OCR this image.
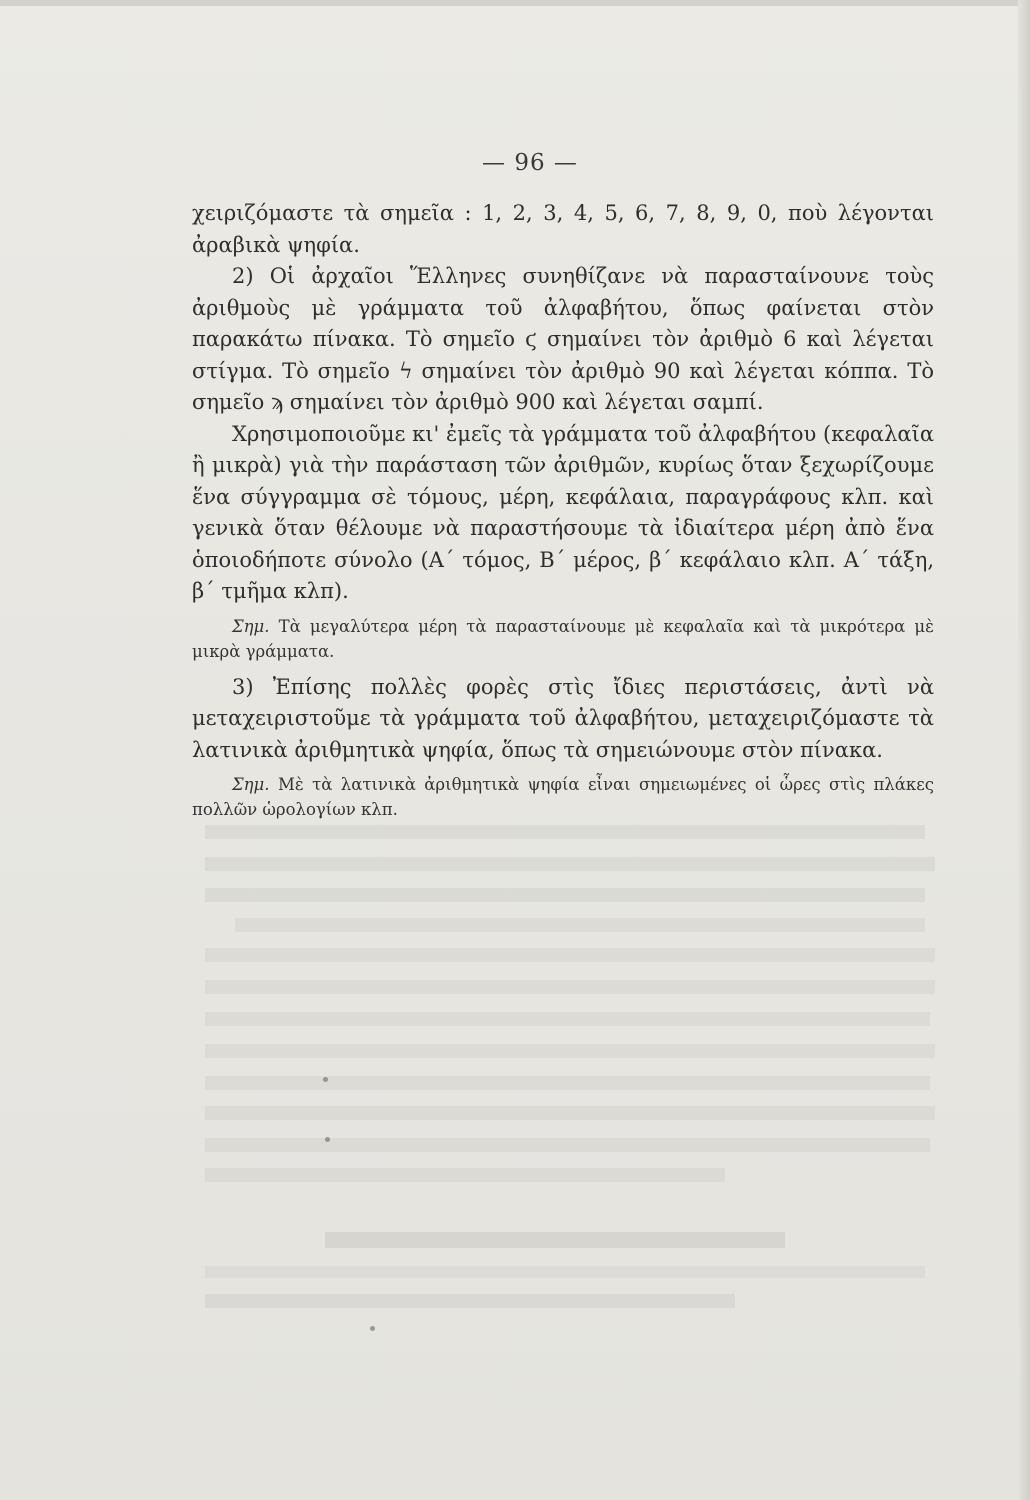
— 96 —

χειριζόμαστε τὰ σημεῖα : 1, 2, 3, 4, 5, 6, 7, 8, 9, 0, ποὺ λέγονται ἀραβικὰ ψηφία.

2) Οἱ ἀρχαῖοι Ἕλληνες συνηθίζανε νὰ παρασταίνουνε τοὺς ἀριθμοὺς μὲ γράμματα τοῦ ἀλφαβήτου, ὅπως φαίνεται στὸν παρακάτω πίνακα. Τὸ σημεῖο ϛ σημαίνει τὸν ἀριθμὸ 6 καὶ λέγεται στίγμα. Τὸ σημεῖο ϟ σημαίνει τὸν ἀριθμὸ 90 καὶ λέγεται κόππα. Τὸ σημεῖο ϡ σημαίνει τὸν ἀριθμὸ 900 καὶ λέγεται σαμπί.

Χρησιμοποιοῦμε κι' ἐμεῖς τὰ γράμματα τοῦ ἀλφαβήτου (κεφαλαῖα ἢ μικρὰ) γιὰ τὴν παράσταση τῶν ἀριθμῶν, κυρίως ὅταν ξεχωρίζουμε ἕνα σύγγραμμα σὲ τόμους, μέρη, κεφάλαια, παραγράφους κλπ. καὶ γενικὰ ὅταν θέλουμε νὰ παραστήσουμε τὰ ἰδιαίτερα μέρη ἀπὸ ἕνα ὁποιοδήποτε σύνολο (Α΄ τόμος, Β΄ μέρος, β΄ κεφάλαιο κλπ. Α΄ τάξη, β΄ τμῆμα κλπ).

Σημ. Τὰ μεγαλύτερα μέρη τὰ παρασταίνουμε μὲ κεφαλαῖα καὶ τὰ μικρότερα μὲ μικρὰ γράμματα.

3) Ἐπίσης πολλὲς φορὲς στὶς ἴδιες περιστάσεις, ἀντὶ νὰ μεταχειριστοῦμε τὰ γράμματα τοῦ ἀλφαβήτου, μεταχειριζόμαστε τὰ λατινικὰ ἀριθμητικὰ ψηφία, ὅπως τὰ σημειώνουμε στὸν πίνακα.

Σημ. Μὲ τὰ λατινικὰ ἀριθμητικὰ ψηφία εἶναι σημειωμένες οἱ ὧρες στὶς πλάκες πολλῶν ὡρολογίων κλπ.
